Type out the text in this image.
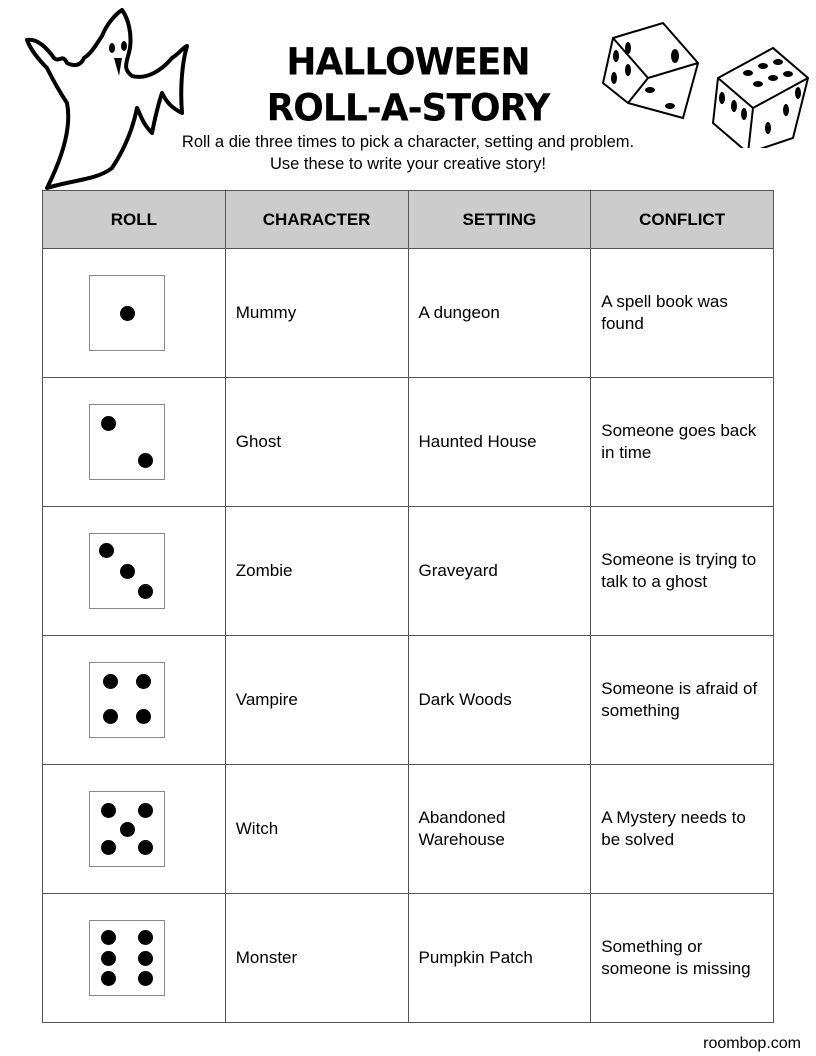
HALLOWEEN
ROLL-A-STORY
Roll a die three times to pick a character, setting and problem.
Use these to write your creative story!
ROLL	CHARACTER	SETTING	CONFLICT

	Mummy	A dungeon	A spell book was found

	Ghost	Haunted House	Someone goes back in time

	Zombie	Graveyard	Someone is trying to talk to a ghost

	Vampire	Dark Woods	Someone is afraid of something

	Witch	Abandoned Warehouse	A Mystery needs to be solved

	Monster	Pumpkin Patch	Something or someone is missing
roombop.com
